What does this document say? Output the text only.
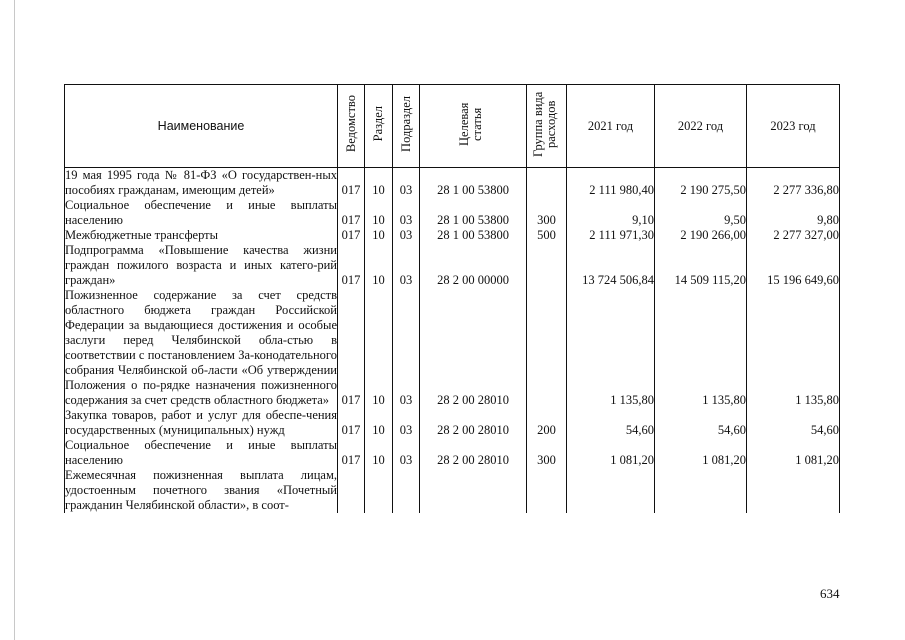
Наименование	Ведомство	Раздел	Подраздел	Целевая статья	Группа вида расходов	2021 год	2022 год	2023 год
19 мая 1995 года № 81-ФЗ «О государствен-ных пособиях гражданам, имеющим детей»	017	10	03	28 1 00 53800		2 111 980,40	2 190 275,50	2 277 336,80
Социальное обеспечение и иные выплаты населению	017	10	03	28 1 00 53800	300	9,10	9,50	9,80
Межбюджетные трансферты	017	10	03	28 1 00 53800	500	2 111 971,30	2 190 266,00	2 277 327,00
Подпрограмма «Повышение качества жизни граждан пожилого возраста и иных катего-рий граждан»	017	10	03	28 2 00 00000		13 724 506,84	14 509 115,20	15 196 649,60
Пожизненное содержание за счет средств областного бюджета граждан Российской Федерации за выдающиеся достижения и особые заслуги перед Челябинской обла-стью в соответствии с постановлением За-конодательного собрания Челябинской об-ласти «Об утверждении Положения о по-рядке назначения пожизненного содержания за счет средств областного бюджета»	017	10	03	28 2 00 28010		1 135,80	1 135,80	1 135,80
Закупка товаров, работ и услуг для обеспе-чения государственных (муниципальных) нужд	017	10	03	28 2 00 28010	200	54,60	54,60	54,60
Социальное обеспечение и иные выплаты населению	017	10	03	28 2 00 28010	300	1 081,20	1 081,20	1 081,20
Ежемесячная пожизненная выплата лицам, удостоенным почетного звания «Почетный гражданин Челябинской области», в соот-								
634
